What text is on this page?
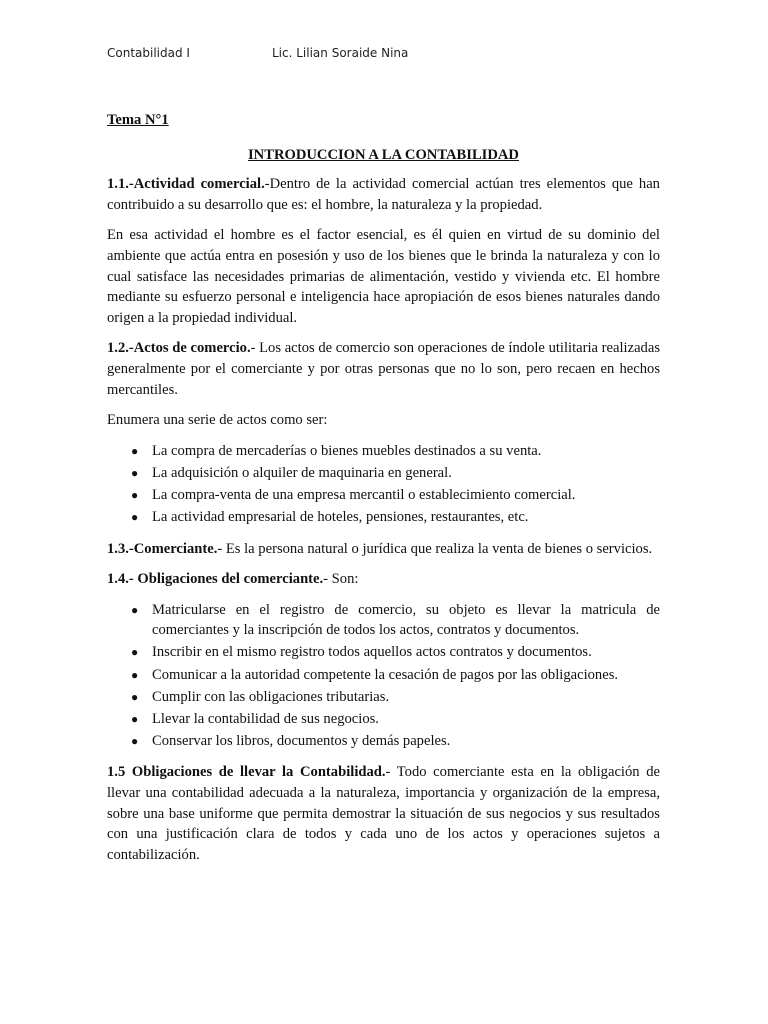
Contabilidad I	Lic. Lilian Soraide Nina
Tema N°1
INTRODUCCION A LA CONTABILIDAD

1.1.-Actividad comercial.-Dentro de la actividad comercial actúan tres elementos que han contribuido a su desarrollo que es: el hombre, la naturaleza y la propiedad.

En esa actividad el hombre es el factor esencial, es él quien en virtud de su dominio del ambiente que actúa entra en posesión y uso de los bienes que le brinda la naturaleza y con lo cual satisface las necesidades primarias de alimentación, vestido y vivienda etc. El hombre mediante su esfuerzo personal e inteligencia hace apropiación de esos bienes naturales dando origen a la propiedad individual.

1.2.-Actos de comercio.- Los actos de comercio son operaciones de índole utilitaria realizadas generalmente por el comerciante y por otras personas que no lo son, pero recaen en hechos mercantiles.

Enumera una serie de actos como ser:

● La compra de mercaderías o bienes muebles destinados a su venta.
● La adquisición o alquiler de maquinaria en general.
● La compra-venta de una empresa mercantil o establecimiento comercial.
● La actividad empresarial de hoteles, pensiones, restaurantes, etc.

1.3.-Comerciante.- Es la persona natural o jurídica que realiza la venta de bienes o servicios.

1.4.- Obligaciones del comerciante.- Son:

● Matricularse en el registro de comercio, su objeto es llevar la matricula de comerciantes y la inscripción de todos los actos, contratos y documentos.
● Inscribir en el mismo registro todos aquellos actos contratos y documentos.
● Comunicar a la autoridad competente la cesación de pagos por las obligaciones.
● Cumplir con las obligaciones tributarias.
● Llevar la contabilidad de sus negocios.
● Conservar los libros, documentos y demás papeles.

1.5 Obligaciones de llevar la Contabilidad.- Todo comerciante esta en la obligación de llevar una contabilidad adecuada a la naturaleza, importancia y organización de la empresa, sobre una base uniforme que permita demostrar la situación de sus negocios y sus resultados con una justificación clara de todos y cada uno de los actos y operaciones sujetos a contabilización.
